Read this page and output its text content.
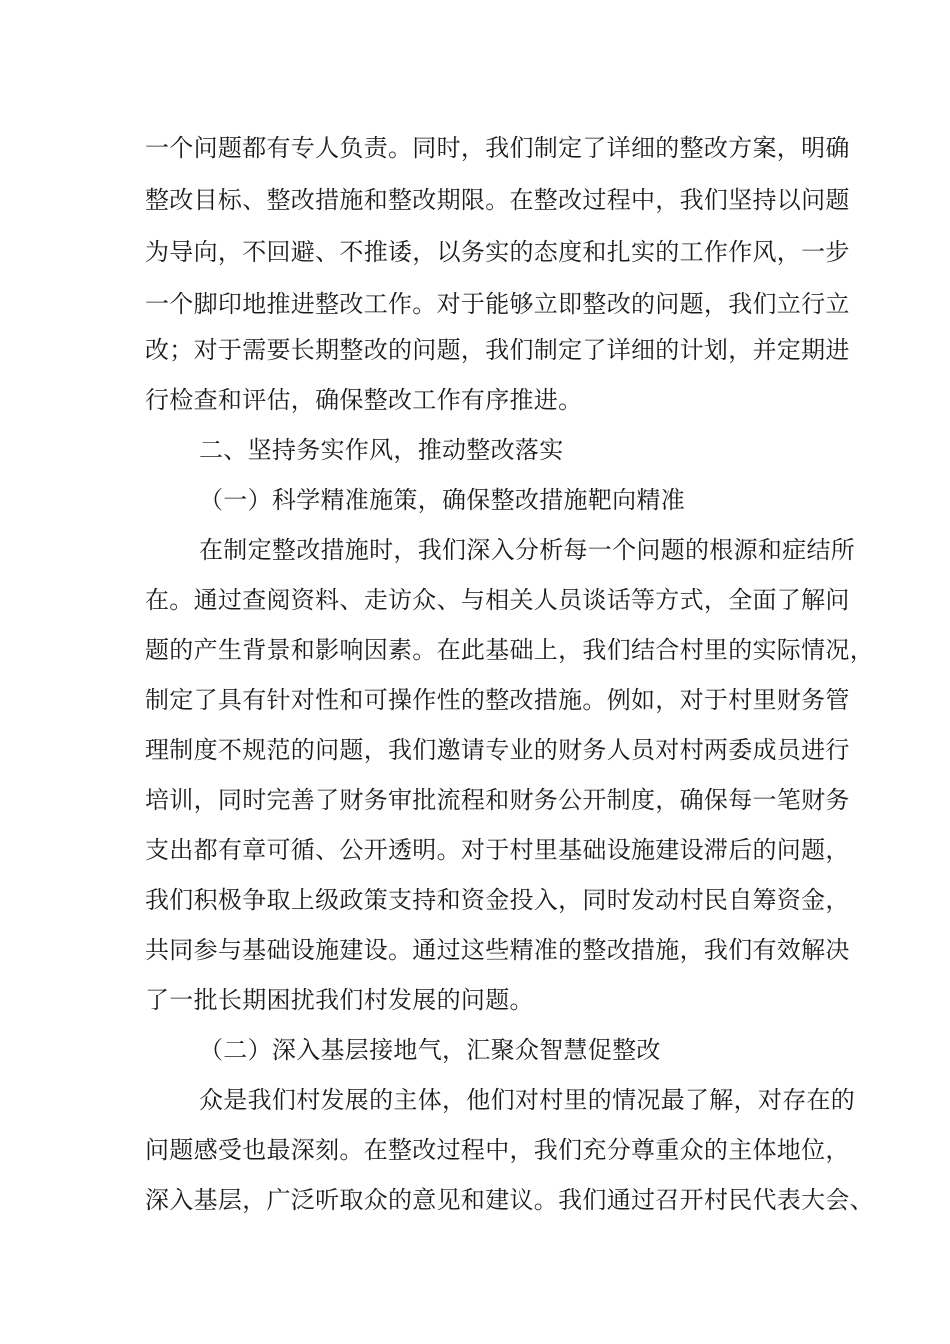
一个问题都有专人负责。同时，我们制定了详细的整改方案，明确
整改目标、整改措施和整改期限。在整改过程中，我们坚持以问题
为导向，不回避、不推诿，以务实的态度和扎实的工作作风，一步
一个脚印地推进整改工作。对于能够立即整改的问题，我们立行立
改；对于需要长期整改的问题，我们制定了详细的计划，并定期进
行检查和评估，确保整改工作有序推进。
二、坚持务实作风，推动整改落实
（一）科学精准施策，确保整改措施靶向精准
在制定整改措施时，我们深入分析每一个问题的根源和症结所
在。通过查阅资料、走访众、与相关人员谈话等方式，全面了解问
题的产生背景和影响因素。在此基础上，我们结合村里的实际情况，
制定了具有针对性和可操作性的整改措施。例如，对于村里财务管
理制度不规范的问题，我们邀请专业的财务人员对村两委成员进行
培训，同时完善了财务审批流程和财务公开制度，确保每一笔财务
支出都有章可循、公开透明。对于村里基础设施建设滞后的问题，
我们积极争取上级政策支持和资金投入，同时发动村民自筹资金，
共同参与基础设施建设。通过这些精准的整改措施，我们有效解决
了一批长期困扰我们村发展的问题。
（二）深入基层接地气，汇聚众智慧促整改
众是我们村发展的主体，他们对村里的情况最了解，对存在的
问题感受也最深刻。在整改过程中，我们充分尊重众的主体地位，
深入基层，广泛听取众的意见和建议。我们通过召开村民代表大会、
